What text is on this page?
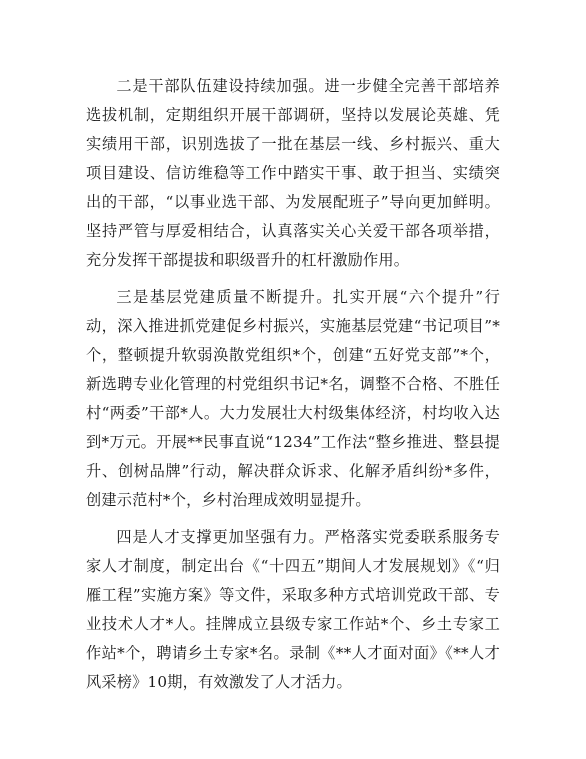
二是干部队伍建设持续加强。进一步健全完善干部培养选拔机制，定期组织开展干部调研，坚持以发展论英雄、凭实绩用干部，识别选拔了一批在基层一线、乡村振兴、重大项目建设、信访维稳等工作中踏实干事、敢于担当、实绩突出的干部，“以事业选干部、为发展配班子”导向更加鲜明。坚持严管与厚爱相结合，认真落实关心关爱干部各项举措，充分发挥干部提拔和职级晋升的杠杆激励作用。

三是基层党建质量不断提升。扎实开展“六个提升”行动，深入推进抓党建促乡村振兴，实施基层党建“书记项目”*个，整顿提升软弱涣散党组织*个，创建“五好党支部”*个，新选聘专业化管理的村党组织书记*名，调整不合格、不胜任村“两委”干部*人。大力发展壮大村级集体经济，村均收入达到*万元。开展**民事直说“1234”工作法“整乡推进、整县提升、创树品牌”行动，解决群众诉求、化解矛盾纠纷*多件，创建示范村*个，乡村治理成效明显提升。

四是人才支撑更加坚强有力。严格落实党委联系服务专家人才制度，制定出台《“十四五”期间人才发展规划》《“归雁工程”实施方案》等文件，采取多种方式培训党政干部、专业技术人才*人。挂牌成立县级专家工作站*个、乡土专家工作站*个，聘请乡土专家*名。录制《**人才面对面》《**人才风采榜》10期，有效激发了人才活力。
